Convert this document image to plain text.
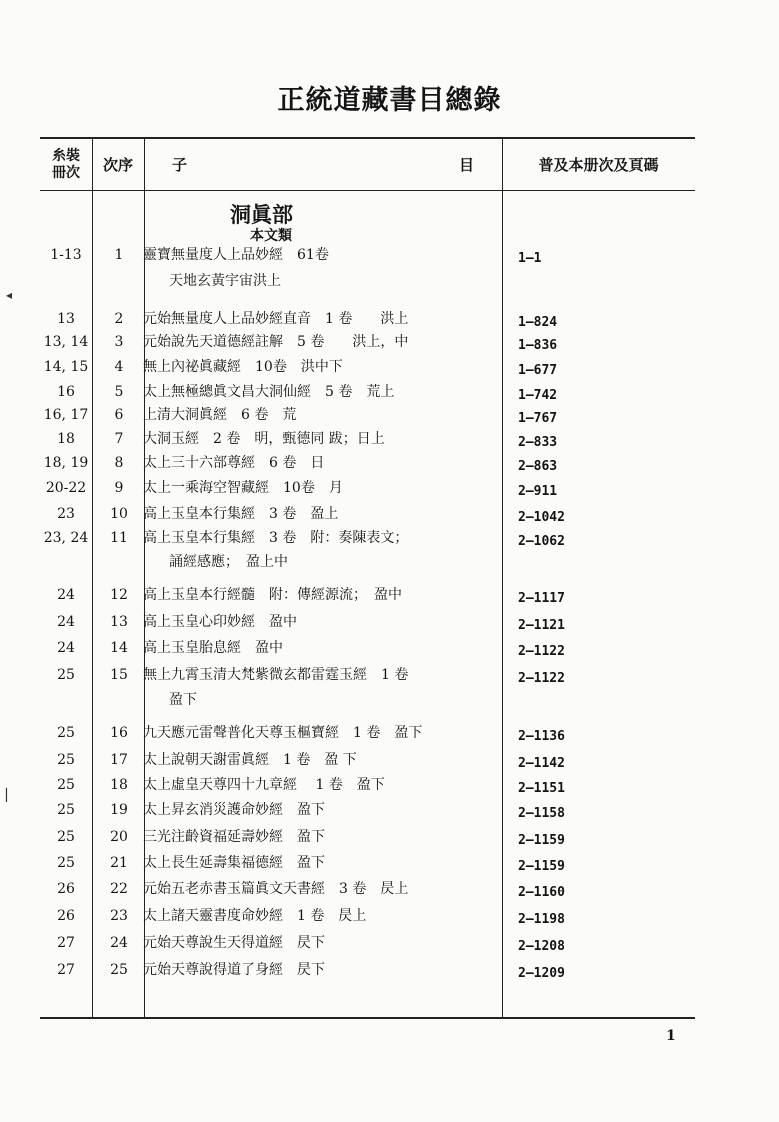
正統道藏書目總錄
糸裝
冊次	次序	子	目	普及本册次及頁碼
洞眞部
本文類
1-13	1	靈寶無量度人上品妙經　61卷	1—1
天地玄黃宇宙洪上
13	2	元始無量度人上品妙經直音　1 卷　　洪上	1—824
13, 14	3	元始說先天道德經註解　5 卷　　洪上，中	1—836
14, 15	4	無上內祕眞藏經　10卷　洪中下	1—677
16	5	太上無極總眞文昌大洞仙經　5 卷　荒上	1—742
16, 17	6	上清大洞眞經　6 卷　荒	1—767
18	7	大洞玉經　2 卷　明，甄德同 跋；日上	2—833
18, 19	8	太上三十六部尊經　6 卷　日	2—863
20-22	9	太上一乘海空智藏經　10卷　月	2—911
23	10	高上玉皇本行集經　3 卷　盈上	2—1042
23, 24	11	高上玉皇本行集經　3 卷　附：奏陳表文；	2—1062
誦經感應；　盈上中
24	12	高上玉皇本行經髓　附：傳經源流；　盈中	2—1117
24	13	高上玉皇心印妙經　盈中	2—1121
24	14	高上玉皇胎息經　盈中	2—1122
25	15	無上九霄玉清大梵紫微玄都雷霆玉經　1 卷	2—1122
盈下
25	16	九天應元雷聲普化天尊玉樞寶經　1 卷　盈下	2—1136
25	17	太上說朝天謝雷眞經　1 卷　盈 下	2—1142
25	18	太上虛皇天尊四十九章經　 1 卷　盈下	2—1151
25	19	太上昇玄消災護命妙經　盈下	2—1158
25	20	三光注齡資福延壽妙經　盈下	2—1159
25	21	太上長生延壽集福德經　盈下	2—1159
26	22	元始五老赤書玉篇眞文天書經　3 卷　昃上	2—1160
26	23	太上諸天靈書度命妙經　1 卷　昃上	2—1198
27	24	元始天尊說生天得道經　昃下	2—1208
27	25	元始天尊說得道了身經　昃下	2—1209
1
◂
▏
